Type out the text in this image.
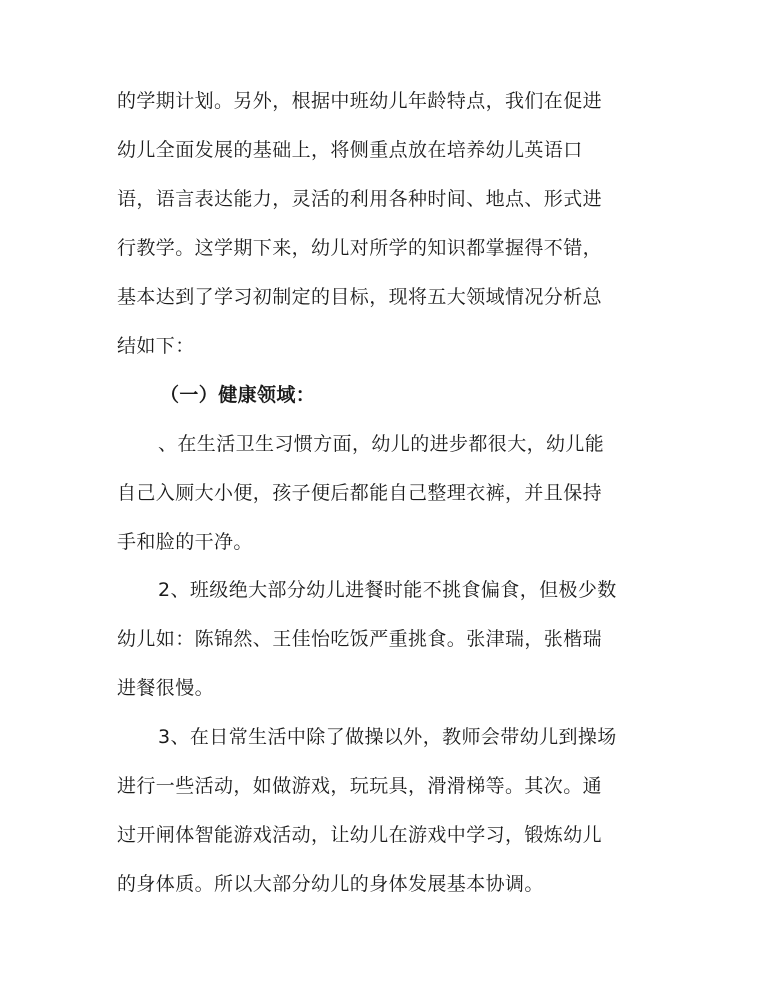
的学期计划。另外，根据中班幼儿年龄特点，我们在促进
幼儿全面发展的基础上，将侧重点放在培养幼儿英语口
语，语言表达能力，灵活的利用各种时间、地点、形式进
行教学。这学期下来，幼儿对所学的知识都掌握得不错，
基本达到了学习初制定的目标，现将五大领域情况分析总
结如下：
（一）健康领域：
、在生活卫生习惯方面，幼儿的进步都很大，幼儿能
自己入厕大小便，孩子便后都能自己整理衣裤，并且保持
手和脸的干净。
2、班级绝大部分幼儿进餐时能不挑食偏食，但极少数
幼儿如：陈锦然、王佳怡吃饭严重挑食。张津瑞，张楷瑞
进餐很慢。
3、在日常生活中除了做操以外，教师会带幼儿到操场
进行一些活动，如做游戏，玩玩具，滑滑梯等。其次。通
过开闸体智能游戏活动，让幼儿在游戏中学习，锻炼幼儿
的身体质。所以大部分幼儿的身体发展基本协调。
